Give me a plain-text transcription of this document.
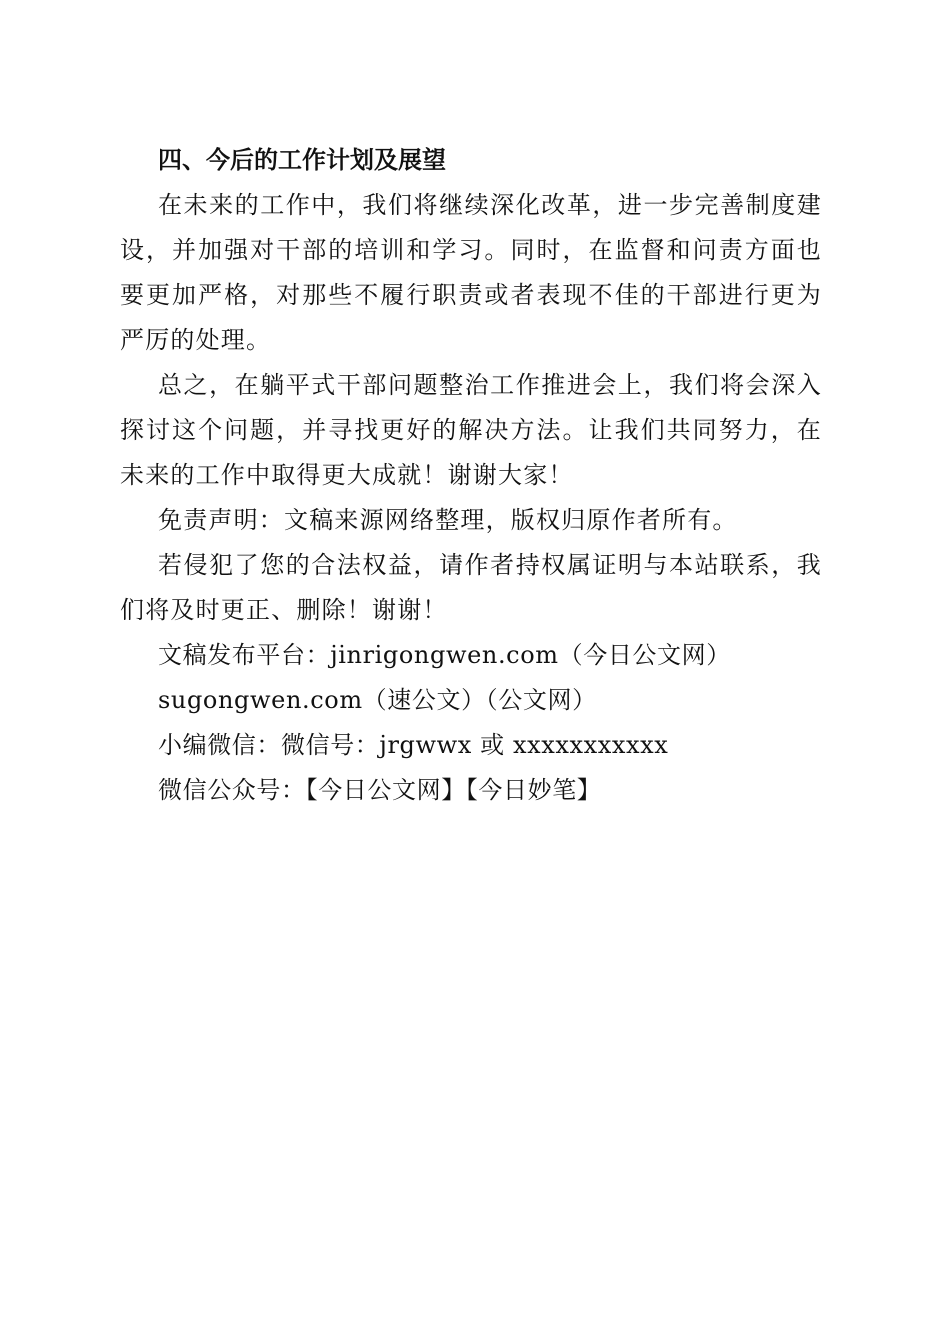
四、今后的工作计划及展望

在未来的工作中，我们将继续深化改革，进一步完善制度建设，并加强对干部的培训和学习。同时，在监督和问责方面也要更加严格，对那些不履行职责或者表现不佳的干部进行更为严厉的处理。

总之，在躺平式干部问题整治工作推进会上，我们将会深入探讨这个问题，并寻找更好的解决方法。让我们共同努力，在未来的工作中取得更大成就！谢谢大家！

免责声明：文稿来源网络整理，版权归原作者所有。

若侵犯了您的合法权益，请作者持权属证明与本站联系，我们将及时更正、删除！谢谢！

文稿发布平台：jinrigongwen.com（今日公文网）

sugongwen.com（速公文）（公文网）

小编微信：微信号：jrgwwx 或 xxxxxxxxxxx

微信公众号：【今日公文网】【今日妙笔】
